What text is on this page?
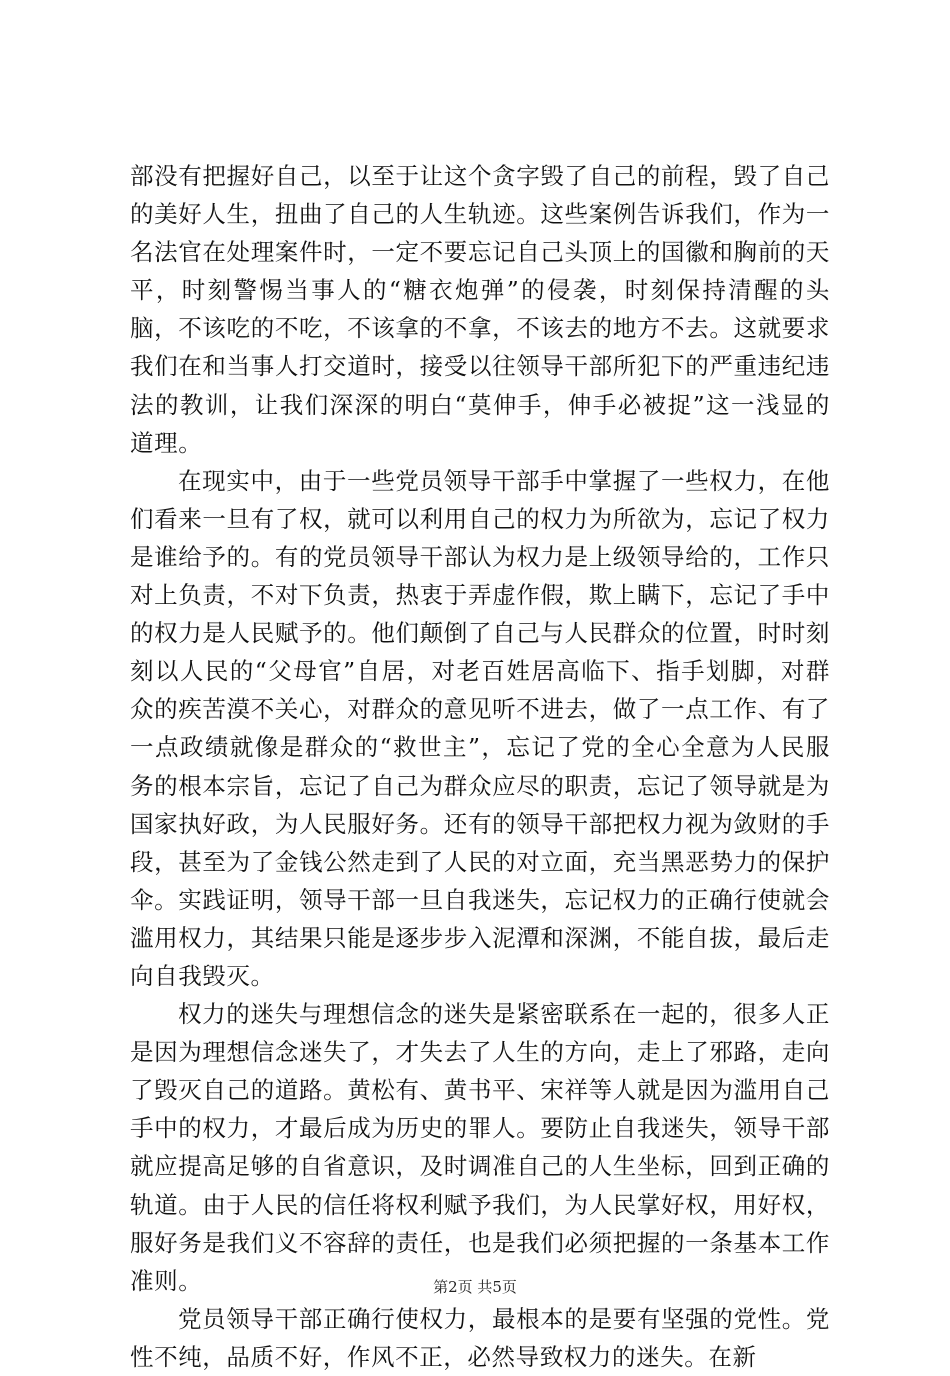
部没有把握好自己，以至于让这个贪字毁了自己的前程，毁了自己的美好人生，扭曲了自己的人生轨迹。这些案例告诉我们，作为一名法官在处理案件时，一定不要忘记自己头顶上的国徽和胸前的天平，时刻警惕当事人的“糖衣炮弹”的侵袭，时刻保持清醒的头脑，不该吃的不吃，不该拿的不拿，不该去的地方不去。这就要求我们在和当事人打交道时，接受以往领导干部所犯下的严重违纪违法的教训，让我们深深的明白“莫伸手，伸手必被捉”这一浅显的道理。

在现实中，由于一些党员领导干部手中掌握了一些权力，在他们看来一旦有了权，就可以利用自己的权力为所欲为，忘记了权力是谁给予的。有的党员领导干部认为权力是上级领导给的，工作只对上负责，不对下负责，热衷于弄虚作假，欺上瞒下，忘记了手中的权力是人民赋予的。他们颠倒了自己与人民群众的位置，时时刻刻以人民的“父母官”自居，对老百姓居高临下、指手划脚，对群众的疾苦漠不关心，对群众的意见听不进去，做了一点工作、有了一点政绩就像是群众的“救世主”，忘记了党的全心全意为人民服务的根本宗旨，忘记了自己为群众应尽的职责，忘记了领导就是为国家执好政，为人民服好务。还有的领导干部把权力视为敛财的手段，甚至为了金钱公然走到了人民的对立面，充当黑恶势力的保护伞。实践证明，领导干部一旦自我迷失，忘记权力的正确行使就会滥用权力，其结果只能是逐步步入泥潭和深渊，不能自拔，最后走向自我毁灭。

权力的迷失与理想信念的迷失是紧密联系在一起的，很多人正是因为理想信念迷失了，才失去了人生的方向，走上了邪路，走向了毁灭自己的道路。黄松有、黄书平、宋祥等人就是因为滥用自己手中的权力，才最后成为历史的罪人。要防止自我迷失，领导干部就应提高足够的自省意识，及时调准自己的人生坐标，回到正确的轨道。由于人民的信任将权利赋予我们，为人民掌好权，用好权，服好务是我们义不容辞的责任，也是我们必须把握的一条基本工作准则。

党员领导干部正确行使权力，最根本的是要有坚强的党性。党性不纯，品质不好，作风不正，必然导致权力的迷失。在新

第2页 共5页
